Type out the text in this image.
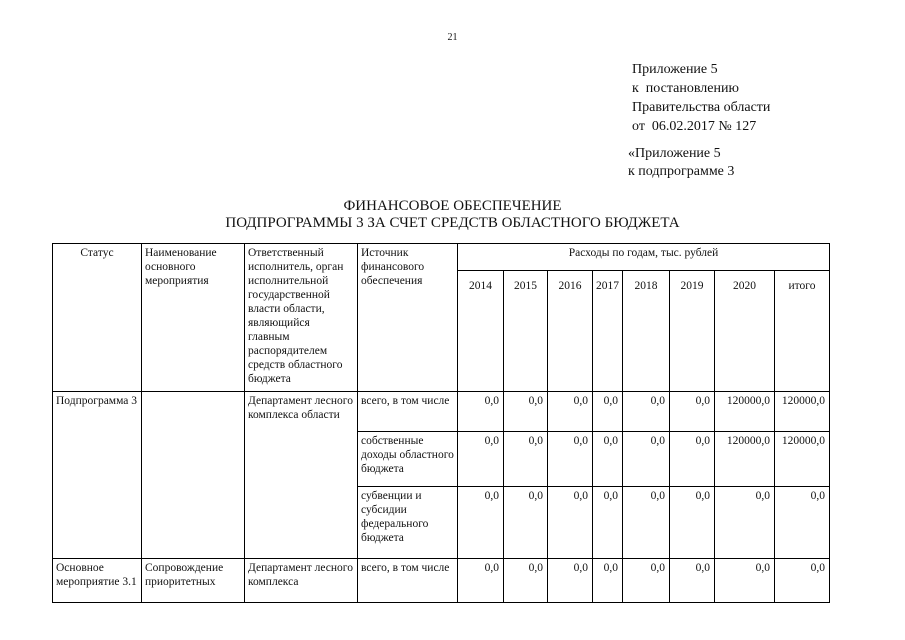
21
Приложение 5
к  постановлению
Правительства области
от  06.02.2017 № 127
«Приложение 5
к подпрограмме 3
ФИНАНСОВОЕ ОБЕСПЕЧЕНИЕ
ПОДПРОГРАММЫ 3 ЗА СЧЕТ СРЕДСТВ ОБЛАСТНОГО БЮДЖЕТА
Статус	Наименование основного мероприятия	Ответственный исполнитель, орган исполнительной государственной власти области, являющийся главным распорядителем средств областного бюджета	Источник финансового обеспечения	Расходы по годам, тыс. рублей							
				2014	2015	2016	2017	2018	2019	2020	итого
Подпрограмма 3		Департамент лесного комплекса области	всего, в том числе	0,0	0,0	0,0	0,0	0,0	0,0	120000,0	120000,0
			собственные доходы областного бюджета	0,0	0,0	0,0	0,0	0,0	0,0	120000,0	120000,0
			субвенции и субсидии федерального бюджета	0,0	0,0	0,0	0,0	0,0	0,0	0,0	0,0
Основное мероприятие 3.1	Сопровождение приоритетных	Департамент лесного комплекса	всего, в том числе	0,0	0,0	0,0	0,0	0,0	0,0	0,0	0,0
